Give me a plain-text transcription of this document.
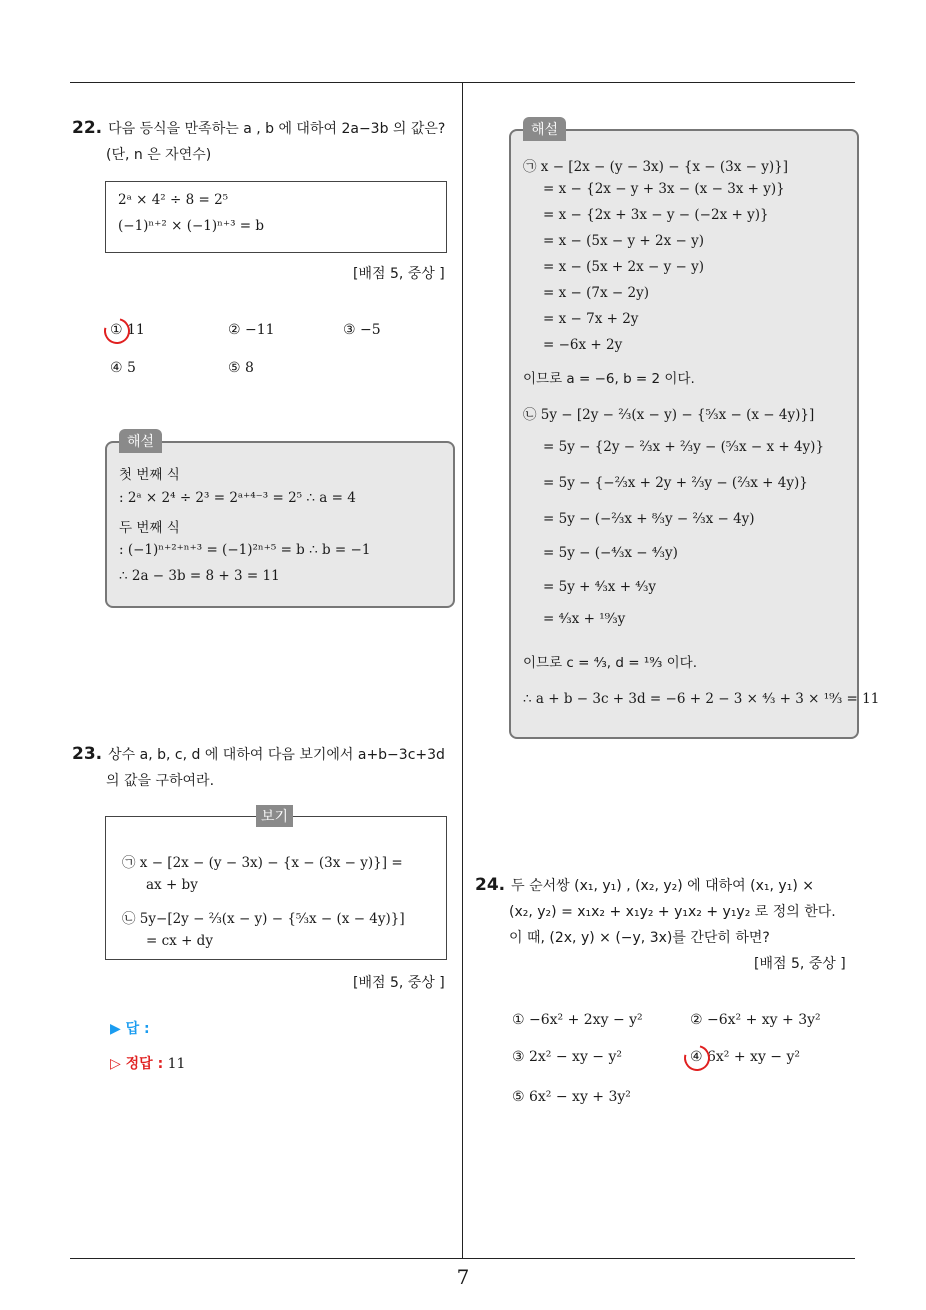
22. 다음 등식을 만족하는 a , b 에 대하여 2a−3b 의 값은?
(단, n 은 자연수)
2ᵃ × 4² ÷ 8 = 2⁵
(−1)ⁿ⁺² × (−1)ⁿ⁺³ = b
[배점 5, 중상 ]
① 11	② −11	③ −5
④ 5	⑤ 8
해설
첫 번째 식
: 2ᵃ × 2⁴ ÷ 2³ = 2ᵃ⁺⁴⁻³ = 2⁵ ∴ a = 4
두 번째 식
: (−1)ⁿ⁺²⁺ⁿ⁺³ = (−1)²ⁿ⁺⁵ = b ∴ b = −1
∴ 2a − 3b = 8 + 3 = 11
23. 상수 a, b, c, d 에 대하여 다음 보기에서 a+b−3c+3d
의 값을 구하여라.
보기
㉠ x − [2x − (y − 3x) − {x − (3x − y)}] =
ax + by
㉡ 5y−[2y − ⅔(x − y) − {⁵⁄₃x − (x − 4y)}]
= cx + dy
[배점 5, 중상 ]
▶ 답 :
▷ 정답 : 11
해설
㉠ x − [2x − (y − 3x) − {x − (3x − y)}]
= x − {2x − y + 3x − (x − 3x + y)}
= x − {2x + 3x − y − (−2x + y)}
= x − (5x − y + 2x − y)
= x − (5x + 2x − y − y)
= x − (7x − 2y)
= x − 7x + 2y
= −6x + 2y
이므로 a = −6, b = 2 이다.
㉡ 5y − [2y − ⅔(x − y) − {⁵⁄₃x − (x − 4y)}]
= 5y − {2y − ⅔x + ⅔y − (⁵⁄₃x − x + 4y)}
= 5y − {−⅔x + 2y + ⅔y − (⅔x + 4y)}
= 5y − (−⅔x + ⁸⁄₃y − ⅔x − 4y)
= 5y − (−⁴⁄₃x − ⁴⁄₃y)
= 5y + ⁴⁄₃x + ⁴⁄₃y
= ⁴⁄₃x + ¹⁹⁄₃y
이므로 c = ⁴⁄₃, d = ¹⁹⁄₃ 이다.
∴ a + b − 3c + 3d = −6 + 2 − 3 × ⁴⁄₃ + 3 × ¹⁹⁄₃ = 11
24. 두 순서쌍 (x₁, y₁) , (x₂, y₂) 에 대하여 (x₁, y₁) ×
(x₂, y₂) = x₁x₂ + x₁y₂ + y₁x₂ + y₁y₂ 로 정의 한다.
이 때, (2x, y) × (−y, 3x)를 간단히 하면?
[배점 5, 중상 ]
① −6x² + 2xy − y²	② −6x² + xy + 3y²
③ 2x² − xy − y²	④ 6x² + xy − y²
⑤ 6x² − xy + 3y²
7
